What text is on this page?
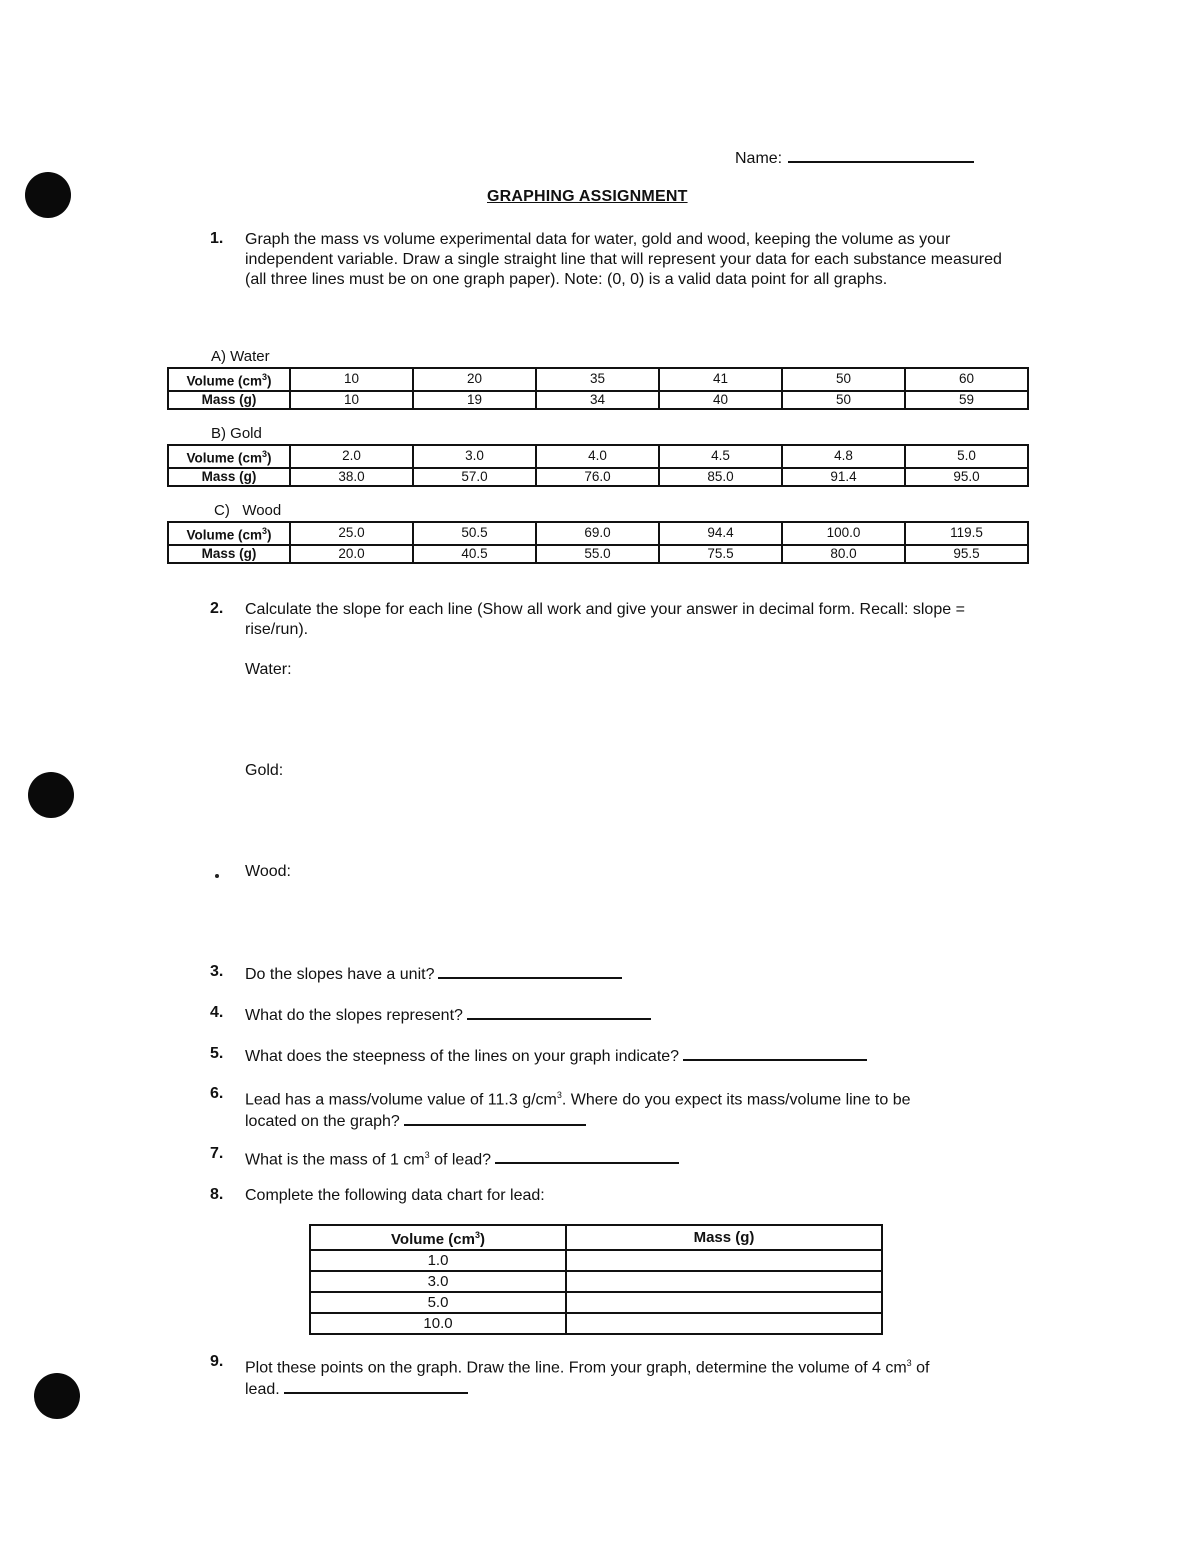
Name:
GRAPHING ASSIGNMENT
1. Graph the mass vs volume experimental data for water, gold and wood, keeping the volume as your independent variable. Draw a single straight line that will represent your data for each substance measured (all three lines must be on one graph paper). Note: (0, 0) is a valid data point for all graphs.
A) Water
Volume $(cm^3)$	10	20	35	41	50	60
Mass (g)	10	19	34	40	50	59
B) Gold
Volume $(cm^3)$	2.0	3.0	4.0	4.5	4.8	5.0
Mass (g)	38.0	57.0	76.0	85.0	91.4	95.0
C)   Wood
Volume $(cm^3)$	25.0	50.5	69.0	94.4	100.0	119.5
Mass (g)	20.0	40.5	55.0	75.5	80.0	95.5
2. Calculate the slope for each line (Show all work and give your answer in decimal form. Recall: slope = rise/run).
Water:
Gold:
Wood:
3. Do the slopes have a unit?
4. What do the slopes represent?
5. What does the steepness of the lines on your graph indicate?
6. Lead has a mass/volume value of 11.3 $g/cm^3$. Where do you expect its mass/volume line to be
located on the graph?
7. What is the mass of 1 $cm^3$ of lead?
8. Complete the following data chart for lead:
Volume $(cm^3)$	Mass (g)
1.0	
3.0	
5.0	
10.0	
9. Plot these points on the graph. Draw the line. From your graph, determine the volume of 4 $cm^3$ of
lead.
